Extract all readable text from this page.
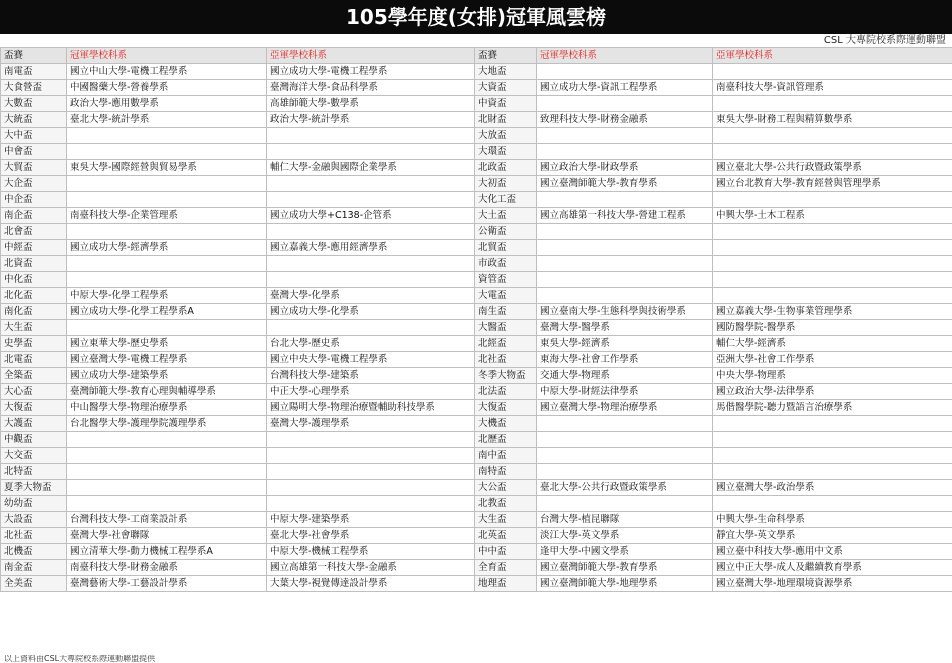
105學年度(女排)冠軍風雲榜
CSL 大專院校系際運動聯盟
盃賽	冠軍學校科系	亞軍學校科系	盃賽	冠軍學校科系	亞軍學校科系
南電盃	國立中山大學-電機工程學系	國立成功大學-電機工程學系	大地盃		
大食營盃	中國醫藥大學-營養學系	臺灣海洋大學-食品科學系	大資盃	國立成功大學-資訊工程學系	南臺科技大學-資訊管理系
大數盃	政治大學-應用數學系	高雄師範大學-數學系	中資盃		
大統盃	臺北大學-統計學系	政治大學-統計學系	北財盃	致理科技大學-財務金融系	東吳大學-財務工程與精算數學系
大中盃			大放盃		
中會盃			大環盃		
大貿盃	東吳大學-國際經營與貿易學系	輔仁大學-金融與國際企業學系	北政盃	國立政治大學-財政學系	國立臺北大學-公共行政暨政策學系
大企盃			大初盃	國立臺灣師範大學-教育學系	國立台北教育大學-教育經營與管理學系
中企盃			大化工盃		
南企盃	南臺科技大學-企業管理系	國立成功大學+C138-企管系	大土盃	國立高雄第一科技大學-營建工程系	中興大學-土木工程系
北會盃			公衛盃		
中經盃	國立成功大學-經濟學系	國立嘉義大學-應用經濟學系	北貿盃		
北資盃			市政盃		
中化盃			資管盃		
北化盃	中原大學-化學工程學系	臺灣大學-化學系	大電盃		
南化盃	國立成功大學-化學工程學系A	國立成功大學-化學系	南生盃	國立臺南大學-生態科學與技術學系	國立嘉義大學-生物事業管理學系
大生盃			大醫盃	臺灣大學-醫學系	國防醫學院-醫學系
史學盃	國立東華大學-歷史學系	台北大學-歷史系	北經盃	東吳大學-經濟系	輔仁大學-經濟系
北電盃	國立臺灣大學-電機工程學系	國立中央大學-電機工程學系	北社盃	東海大學-社會工作學系	亞洲大學-社會工作學系
全築盃	國立成功大學-建築學系	台灣科技大學-建築系	冬季大物盃	交通大學-物理系	中央大學-物理系
大心盃	臺灣師範大學-教育心理與輔導學系	中正大學-心理學系	北法盃	中原大學-財經法律學系	國立政治大學-法律學系
大復盃	中山醫學大學-物理治療學系	國立陽明大學-物理治療暨輔助科技學系	大復盃	國立臺灣大學-物理治療學系	馬偕醫學院-聽力暨語言治療學系
大護盃	台北醫學大學-護理學院護理學系	臺灣大學-護理學系	大機盃		
中觀盃			北歷盃		
大交盃			南中盃		
北特盃			南特盃		
夏季大物盃			大公盃	臺北大學-公共行政暨政策學系	國立臺灣大學-政治學系
幼幼盃			北教盃		
大設盃	台灣科技大學-工商業設計系	中原大學-建築學系	大生盃	台灣大學-植昆聯隊	中興大學-生命科學系
北社盃	臺灣大學-社會聯隊	臺北大學-社會學系	北英盃	淡江大學-英文學系	靜宜大學-英文學系
北機盃	國立清華大學-動力機械工程學系A	中原大學-機械工程學系	中中盃	逢甲大學-中國文學系	國立臺中科技大學-應用中文系
南金盃	南臺科技大學-財務金融系	國立高雄第一科技大學-金融系	全育盃	國立臺灣師範大學-教育學系	國立中正大學-成人及繼續教育學系
全美盃	臺灣藝術大學-工藝設計學系	大葉大學-視覺傳達設計學系	地理盃	國立臺灣師範大學-地理學系	國立臺灣大學-地理環境資源學系
以上資料由CSL大專院校系際運動聯盟提供
